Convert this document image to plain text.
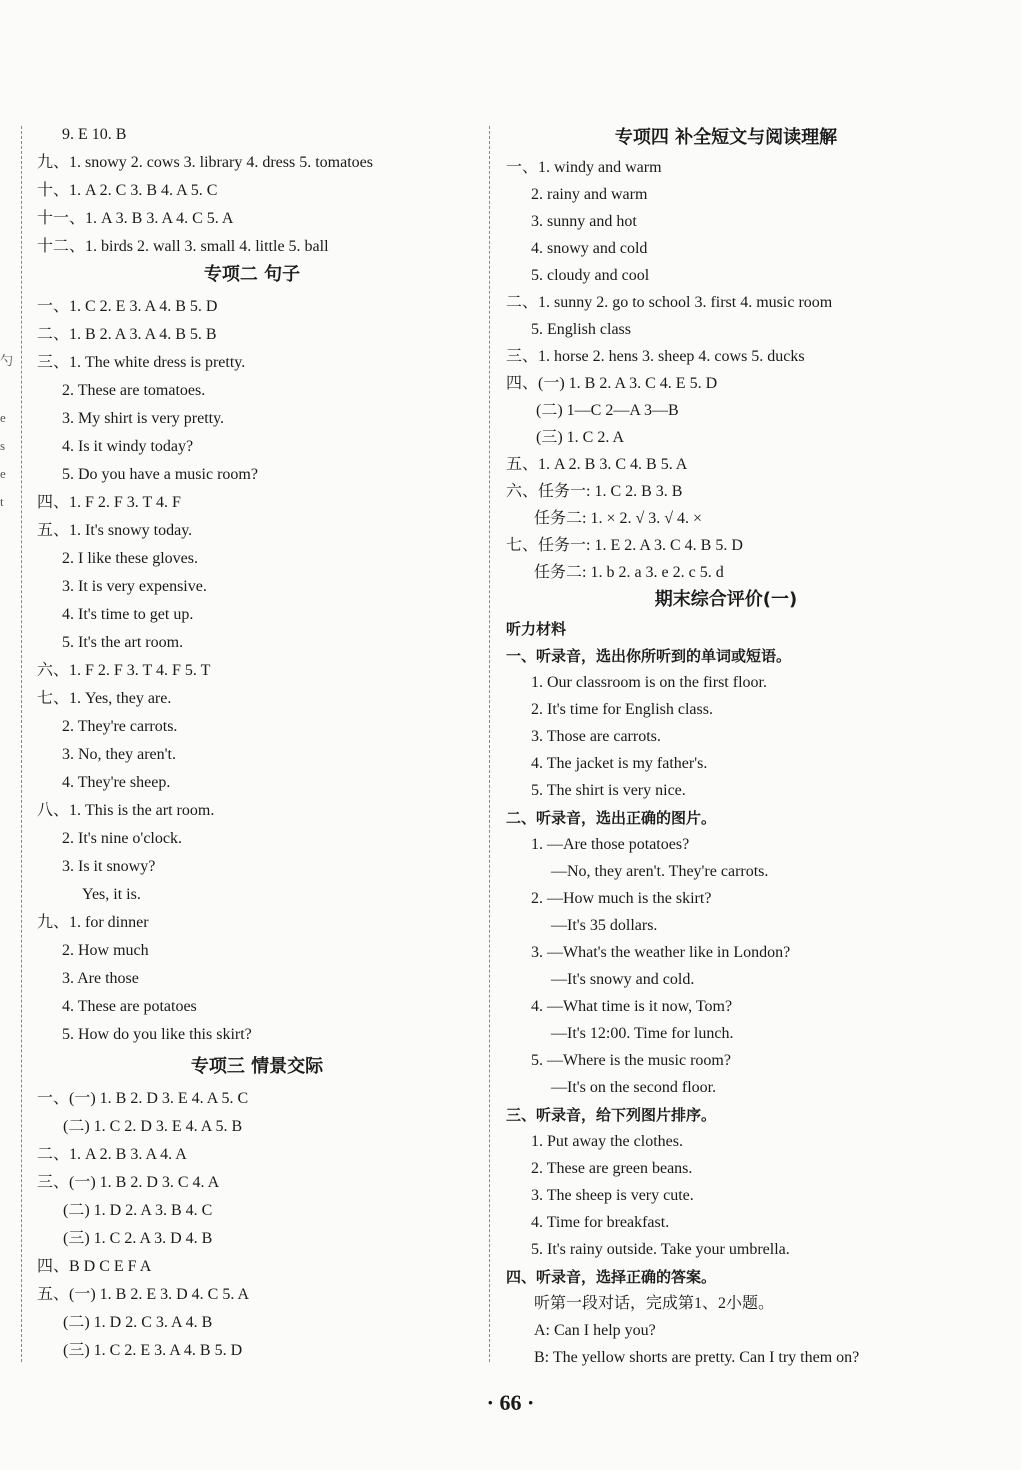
勺
e
s
e
t
9. E 10. B
九、1. snowy 2. cows 3. library 4. dress 5. tomatoes
十、1. A 2. C 3. B 4. A 5. C
十一、1. A 3. B 3. A 4. C 5. A
十二、1. birds 2. wall 3. small 4. little 5. ball
专项二 句子
一、1. C 2. E 3. A 4. B 5. D
二、1. B 2. A 3. A 4. B 5. B
三、1. The white dress is pretty.
2. These are tomatoes.
3. My shirt is very pretty.
4. Is it windy today?
5. Do you have a music room?
四、1. F 2. F 3. T 4. F
五、1. It's snowy today.
2. I like these gloves.
3. It is very expensive.
4. It's time to get up.
5. It's the art room.
六、1. F 2. F 3. T 4. F 5. T
七、1. Yes, they are.
2. They're carrots.
3. No, they aren't.
4. They're sheep.
八、1. This is the art room.
2. It's nine o'clock.
3. Is it snowy?
Yes, it is.
九、1. for dinner
2. How much
3. Are those
4. These are potatoes
5. How do you like this skirt?
专项三 情景交际
一、(一) 1. B 2. D 3. E 4. A 5. C
(二) 1. C 2. D 3. E 4. A 5. B
二、1. A 2. B 3. A 4. A
三、(一) 1. B 2. D 3. C 4. A
(二) 1. D 2. A 3. B 4. C
(三) 1. C 2. A 3. D 4. B
四、B D C E F A
五、(一) 1. B 2. E 3. D 4. C 5. A
(二) 1. D 2. C 3. A 4. B
(三) 1. C 2. E 3. A 4. B 5. D
专项四 补全短文与阅读理解
一、1. windy and warm
2. rainy and warm
3. sunny and hot
4. snowy and cold
5. cloudy and cool
二、1. sunny 2. go to school 3. first 4. music room
5. English class
三、1. horse 2. hens 3. sheep 4. cows 5. ducks
四、(一) 1. B 2. A 3. C 4. E 5. D
(二) 1—C 2—A 3—B
(三) 1. C 2. A
五、1. A 2. B 3. C 4. B 5. A
六、任务一: 1. C 2. B 3. B
任务二: 1. × 2. √ 3. √ 4. ×
七、任务一: 1. E 2. A 3. C 4. B 5. D
任务二: 1. b 2. a 3. e 2. c 5. d
期末综合评价(一)
听力材料
一、听录音，选出你所听到的单词或短语。
1. Our classroom is on the first floor.
2. It's time for English class.
3. Those are carrots.
4. The jacket is my father's.
5. The shirt is very nice.
二、听录音，选出正确的图片。
1. —Are those potatoes?
—No, they aren't. They're carrots.
2. —How much is the skirt?
—It's 35 dollars.
3. —What's the weather like in London?
—It's snowy and cold.
4. —What time is it now, Tom?
—It's 12:00. Time for lunch.
5. —Where is the music room?
—It's on the second floor.
三、听录音，给下列图片排序。
1. Put away the clothes.
2. These are green beans.
3. The sheep is very cute.
4. Time for breakfast.
5. It's rainy outside. Take your umbrella.
四、听录音，选择正确的答案。
听第一段对话，完成第1、2小题。
A: Can I help you?
B: The yellow shorts are pretty. Can I try them on?
· 66 ·
